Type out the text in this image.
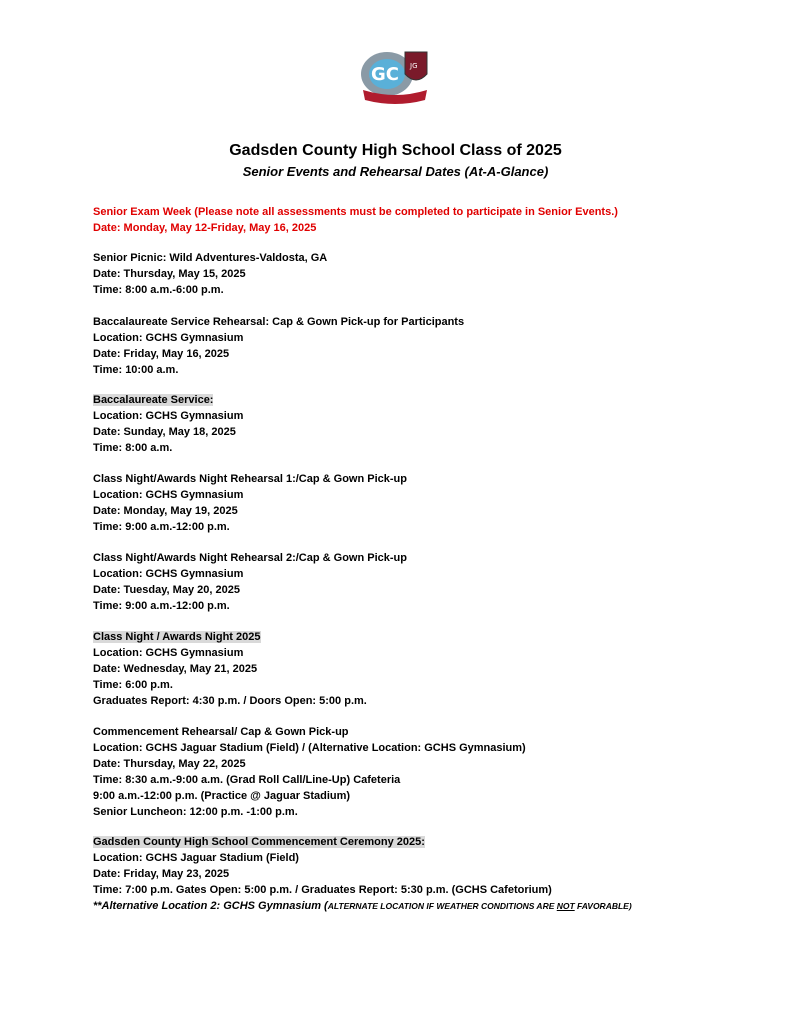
GC JG
Gadsden County High School Class of 2025
Senior Events and Rehearsal Dates (At-A-Glance)
Senior Exam Week (Please note all assessments must be completed to participate in Senior Events.)
Date: Monday, May 12-Friday, May 16, 2025
Senior Picnic: Wild Adventures-Valdosta, GA
Date: Thursday, May 15, 2025
Time: 8:00 a.m.-6:00 p.m.
Baccalaureate Service Rehearsal: Cap & Gown Pick-up for Participants
Location: GCHS Gymnasium
Date: Friday, May 16, 2025
Time: 10:00 a.m.
Baccalaureate Service:
Location: GCHS Gymnasium
Date: Sunday, May 18, 2025
Time: 8:00 a.m.
Class Night/Awards Night Rehearsal 1:/Cap & Gown Pick-up
Location: GCHS Gymnasium
Date: Monday, May 19, 2025
Time: 9:00 a.m.-12:00 p.m.
Class Night/Awards Night Rehearsal 2:/Cap & Gown Pick-up
Location: GCHS Gymnasium
Date: Tuesday, May 20, 2025
Time: 9:00 a.m.-12:00 p.m.
Class Night / Awards Night 2025
Location: GCHS Gymnasium
Date: Wednesday, May 21, 2025
Time: 6:00 p.m.
Graduates Report: 4:30 p.m. / Doors Open: 5:00 p.m.
Commencement Rehearsal/ Cap & Gown Pick-up
Location: GCHS Jaguar Stadium (Field) / (Alternative Location: GCHS Gymnasium)
Date: Thursday, May 22, 2025
Time: 8:30 a.m.-9:00 a.m. (Grad Roll Call/Line-Up) Cafeteria
9:00 a.m.-12:00 p.m. (Practice @ Jaguar Stadium)
Senior Luncheon: 12:00 p.m. -1:00 p.m.
Gadsden County High School Commencement Ceremony 2025:
Location: GCHS Jaguar Stadium (Field)
Date: Friday, May 23, 2025
Time: 7:00 p.m. Gates Open: 5:00 p.m. / Graduates Report: 5:30 p.m. (GCHS Cafetorium)
**Alternative Location 2: GCHS Gymnasium (ALTERNATE LOCATION IF WEATHER CONDITIONS ARE NOT FAVORABLE)
